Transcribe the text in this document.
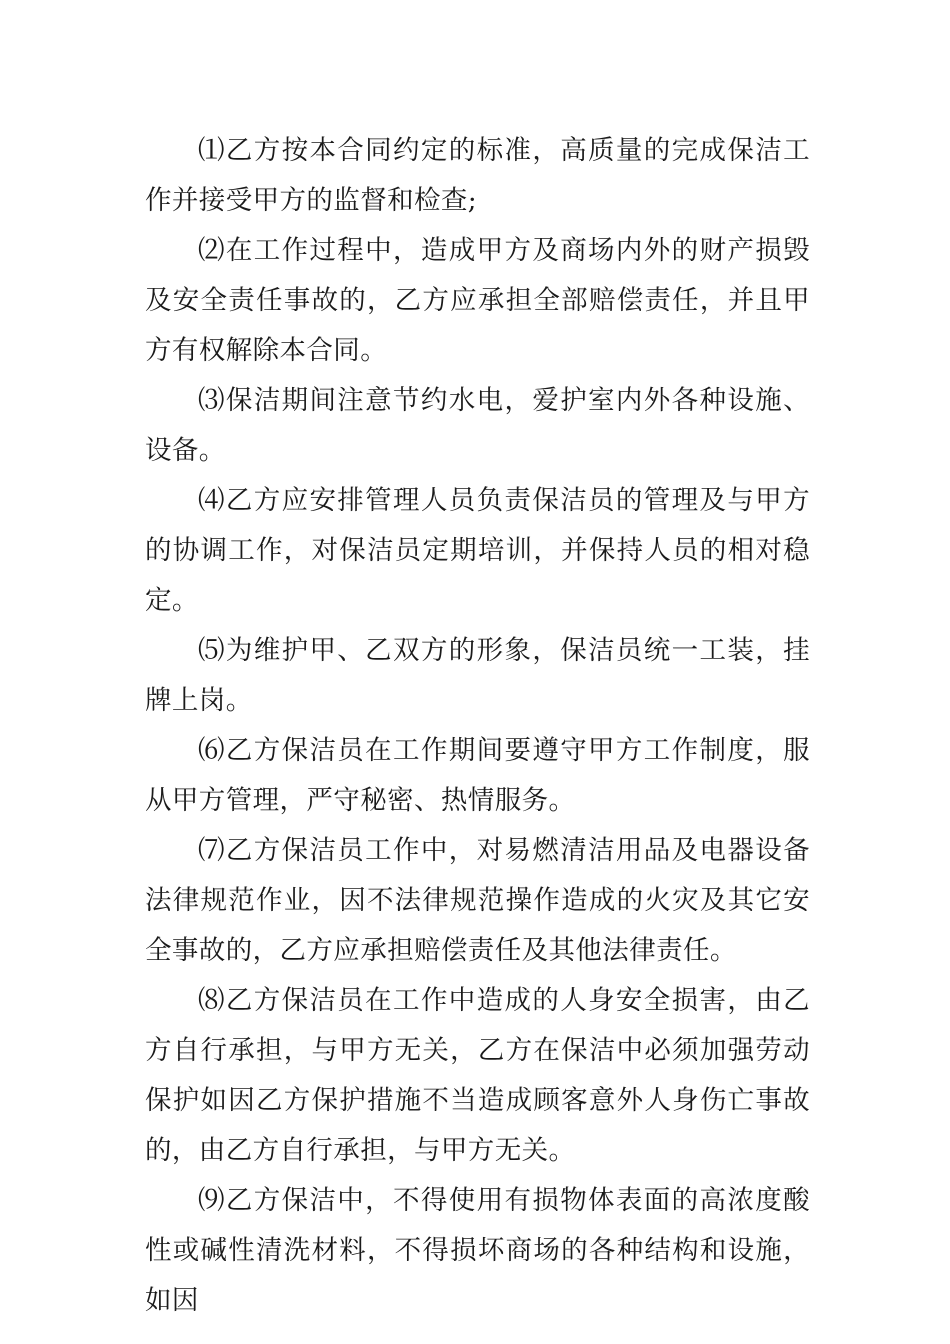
⑴乙方按本合同约定的标准，高质量的完成保洁工作并接受甲方的监督和检查;

⑵在工作过程中，造成甲方及商场内外的财产损毁及安全责任事故的，乙方应承担全部赔偿责任，并且甲方有权解除本合同。

⑶保洁期间注意节约水电，爱护室内外各种设施、设备。

⑷乙方应安排管理人员负责保洁员的管理及与甲方的协调工作，对保洁员定期培训，并保持人员的相对稳定。

⑸为维护甲、乙双方的形象，保洁员统一工装，挂牌上岗。

⑹乙方保洁员在工作期间要遵守甲方工作制度，服从甲方管理，严守秘密、热情服务。

⑺乙方保洁员工作中，对易燃清洁用品及电器设备法律规范作业，因不法律规范操作造成的火灾及其它安全事故的，乙方应承担赔偿责任及其他法律责任。

⑻乙方保洁员在工作中造成的人身安全损害，由乙方自行承担，与甲方无关，乙方在保洁中必须加强劳动保护如因乙方保护措施不当造成顾客意外人身伤亡事故的，由乙方自行承担，与甲方无关。

⑼乙方保洁中，不得使用有损物体表面的高浓度酸性或碱性清洗材料，不得损坏商场的各种结构和设施，如因
